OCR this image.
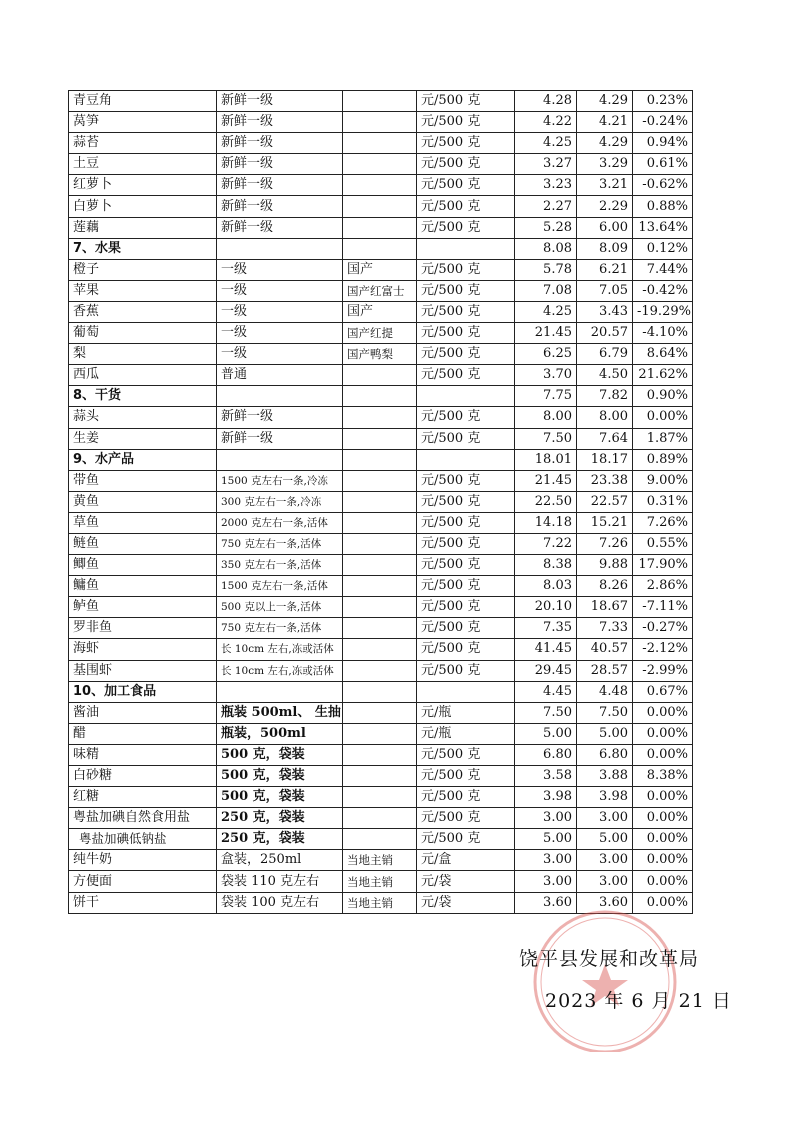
青豆角	新鲜一级		元/500 克	4.28	4.29	0.23%
莴笋	新鲜一级		元/500 克	4.22	4.21	-0.24%
蒜苔	新鲜一级		元/500 克	4.25	4.29	0.94%
土豆	新鲜一级		元/500 克	3.27	3.29	0.61%
红萝卜	新鲜一级		元/500 克	3.23	3.21	-0.62%
白萝卜	新鲜一级		元/500 克	2.27	2.29	0.88%
莲藕	新鲜一级		元/500 克	5.28	6.00	13.64%
7、水果				8.08	8.09	0.12%
橙子	一级	国产	元/500 克	5.78	6.21	7.44%
苹果	一级	国产红富士	元/500 克	7.08	7.05	-0.42%
香蕉	一级	国产	元/500 克	4.25	3.43	-19.29%
葡萄	一级	国产红提	元/500 克	21.45	20.57	-4.10%
梨	一级	国产鸭梨	元/500 克	6.25	6.79	8.64%
西瓜	普通		元/500 克	3.70	4.50	21.62%
8、干货				7.75	7.82	0.90%
蒜头	新鲜一级		元/500 克	8.00	8.00	0.00%
生姜	新鲜一级		元/500 克	7.50	7.64	1.87%
9、水产品				18.01	18.17	0.89%
带鱼	1500 克左右一条,冷冻		元/500 克	21.45	23.38	9.00%
黄鱼	300 克左右一条,冷冻		元/500 克	22.50	22.57	0.31%
草鱼	2000 克左右一条,活体		元/500 克	14.18	15.21	7.26%
鲢鱼	750 克左右一条,活体		元/500 克	7.22	7.26	0.55%
鲫鱼	350 克左右一条,活体		元/500 克	8.38	9.88	17.90%
鳙鱼	1500 克左右一条,活体		元/500 克	8.03	8.26	2.86%
鲈鱼	500 克以上一条,活体		元/500 克	20.10	18.67	-7.11%
罗非鱼	750 克左右一条,活体		元/500 克	7.35	7.33	-0.27%
海虾	长 10cm 左右,冻或活体		元/500 克	41.45	40.57	-2.12%
基围虾	长 10cm 左右,冻或活体		元/500 克	29.45	28.57	-2.99%
10、加工食品				4.45	4.48	0.67%
酱油	瓶装 500ml、 生抽		元/瓶	7.50	7.50	0.00%
醋	瓶装，500ml		元/瓶	5.00	5.00	0.00%
味精	500 克，袋装		元/500 克	6.80	6.80	0.00%
白砂糖	500 克，袋装		元/500 克	3.58	3.88	8.38%
红糖	500 克，袋装		元/500 克	3.98	3.98	0.00%
粤盐加碘自然食用盐	250 克，袋装		元/500 克	3.00	3.00	0.00%
粤盐加碘低钠盐	250 克，袋装		元/500 克	5.00	5.00	0.00%
纯牛奶	盒装，250ml	当地主销	元/盒	3.00	3.00	0.00%
方便面	袋装 110 克左右	当地主销	元/袋	3.00	3.00	0.00%
饼干	袋装 100 克左右	当地主销	元/袋	3.60	3.60	0.00%
饶平县发展和改革局
2023 年 6 月 21 日
